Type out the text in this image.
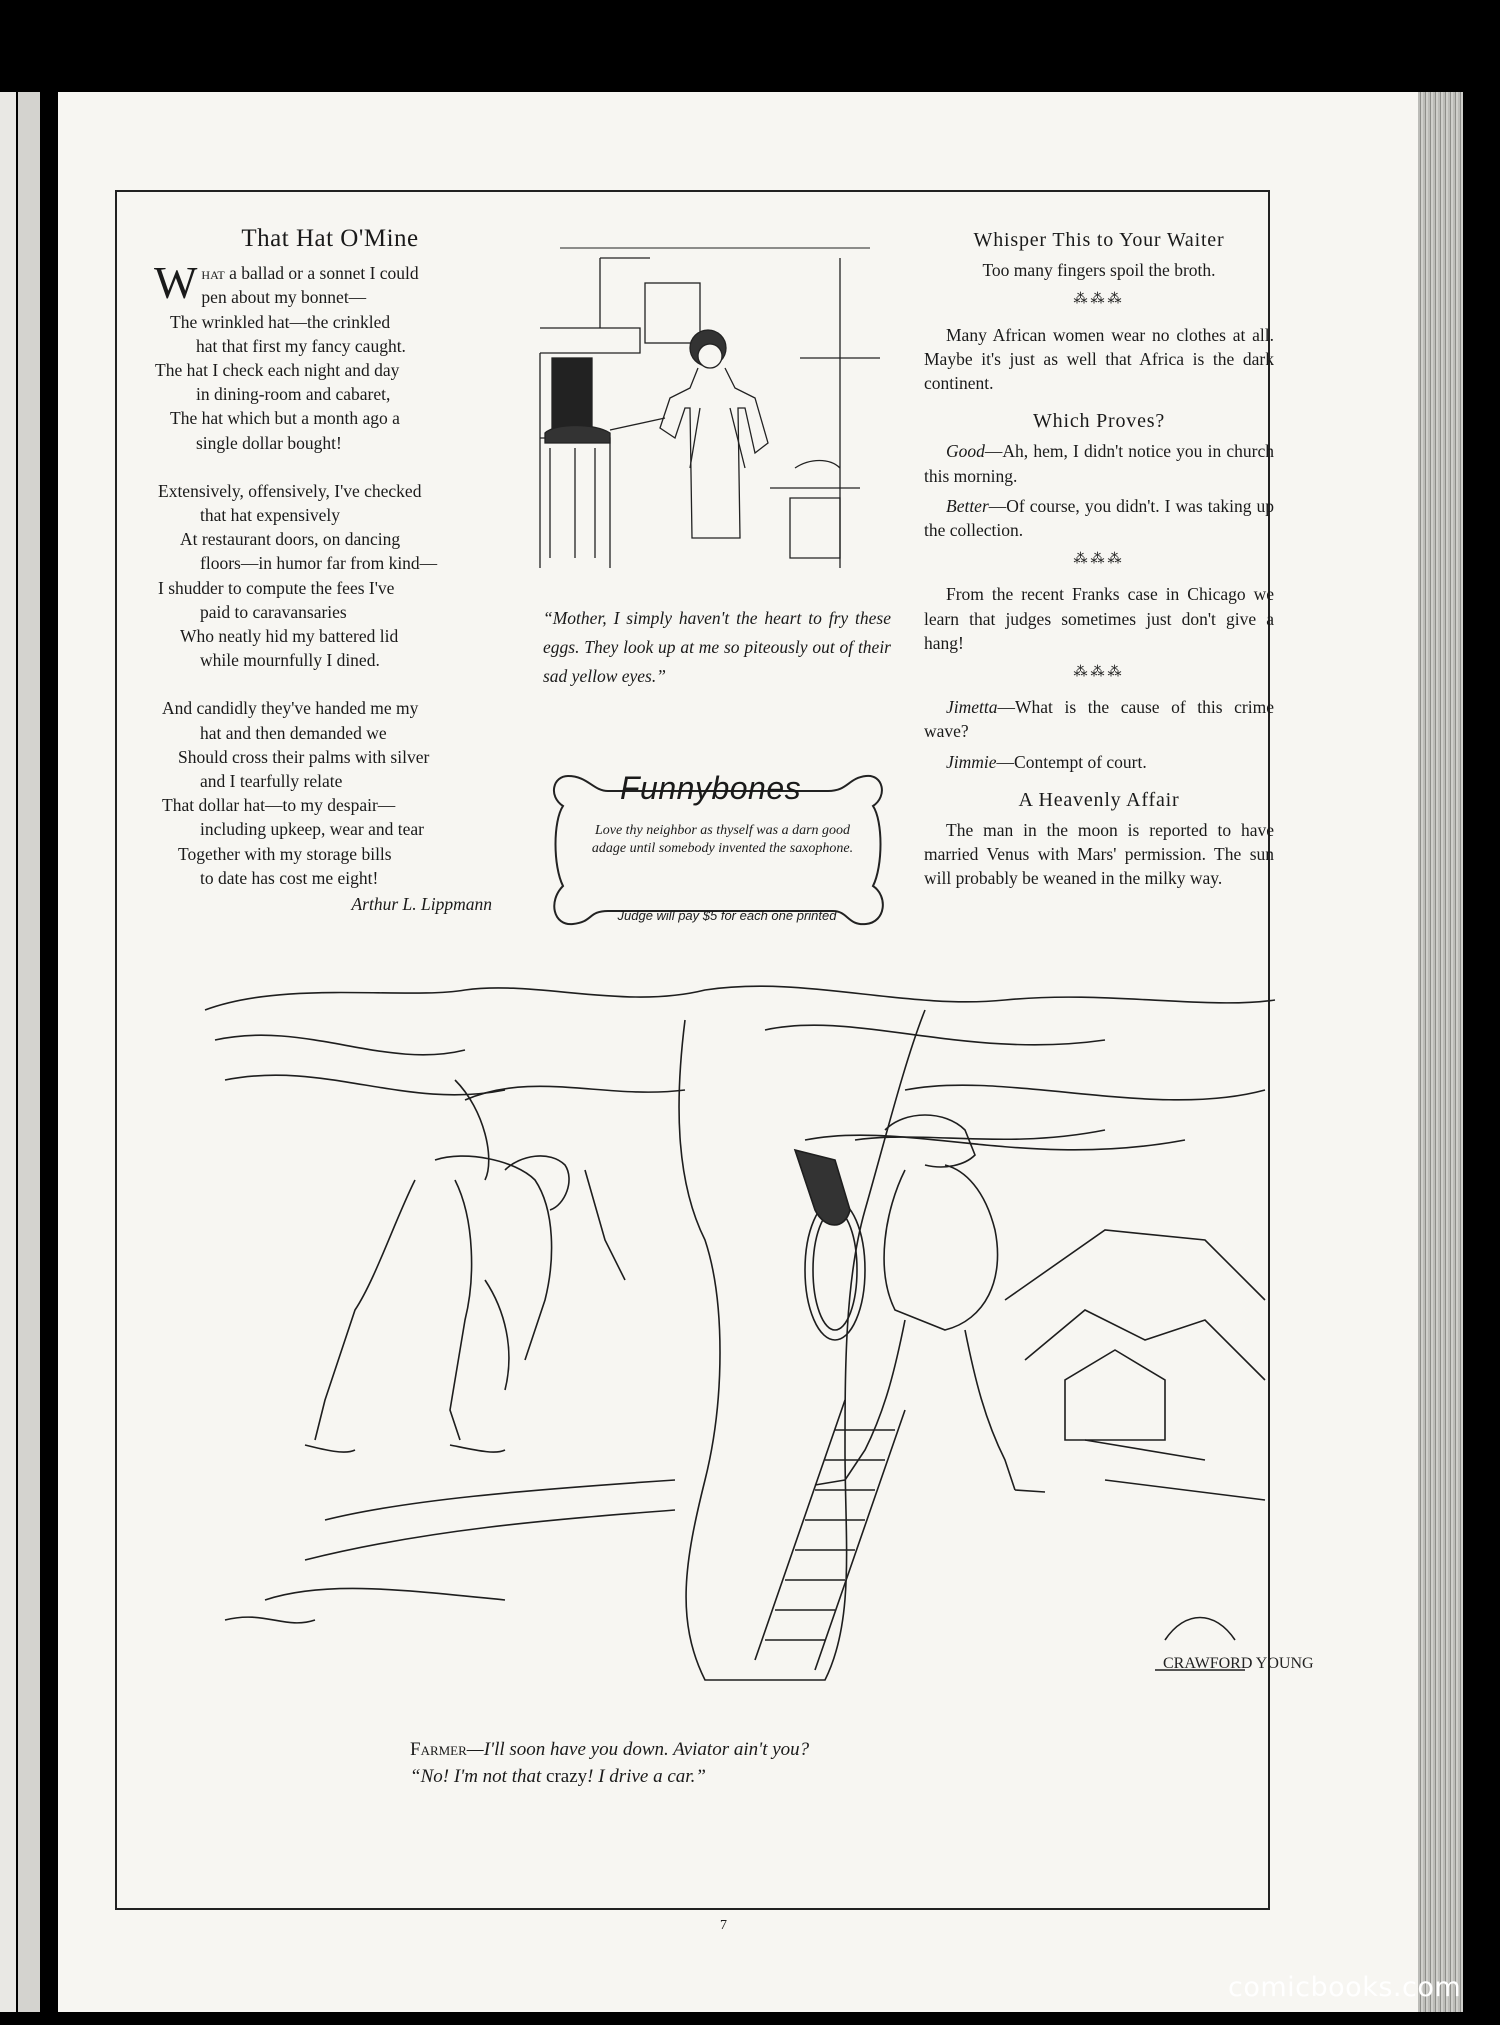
That Hat O'Mine
W hat a ballad or a sonnet I could
pen about my bonnet—
The wrinkled hat—the crinkled
hat that first my fancy caught.
The hat I check each night and day
in dining-room and cabaret,
The hat which but a month ago a
single dollar bought!
Extensively, offensively, I've checked
that hat expensively
At restaurant doors, on dancing
floors—in humor far from kind—
I shudder to compute the fees I've
paid to caravansaries
Who neatly hid my battered lid
while mournfully I dined.
And candidly they've handed me my
hat and then demanded we
Should cross their palms with silver
and I tearfully relate
That dollar hat—to my despair—
including upkeep, wear and tear
Together with my storage bills
to date has cost me eight!
Arthur L. Lippmann
“Mother, I simply haven't the heart to fry these eggs. They look up at me so piteously out of their sad yellow eyes.”
Funnybones
Love thy neighbor as thyself was a darn good adage until somebody invented the saxophone.
Judge will pay $5 for each one printed
Whisper This to Your Waiter
Too many fingers spoil the broth.
⁂⁂⁂
Many African women wear no clothes at all. Maybe it's just as well that Africa is the dark continent.
Which Proves?
Good—Ah, hem, I didn't notice you in church this morning.
Better—Of course, you didn't. I was taking up the collection.
⁂⁂⁂
From the recent Franks case in Chicago we learn that judges sometimes just don't give a hang!
⁂⁂⁂
Jimetta—What is the cause of this crime wave?
Jimmie—Contempt of court.
A Heavenly Affair
The man in the moon is reported to have married Venus with Mars' permission. The sun will probably be weaned in the milky way.
CRAWFORD YOUNG
Farmer—I'll soon have you down. Aviator ain't you?
“No! I'm not that crazy! I drive a car.”
7
comicbooks.com
